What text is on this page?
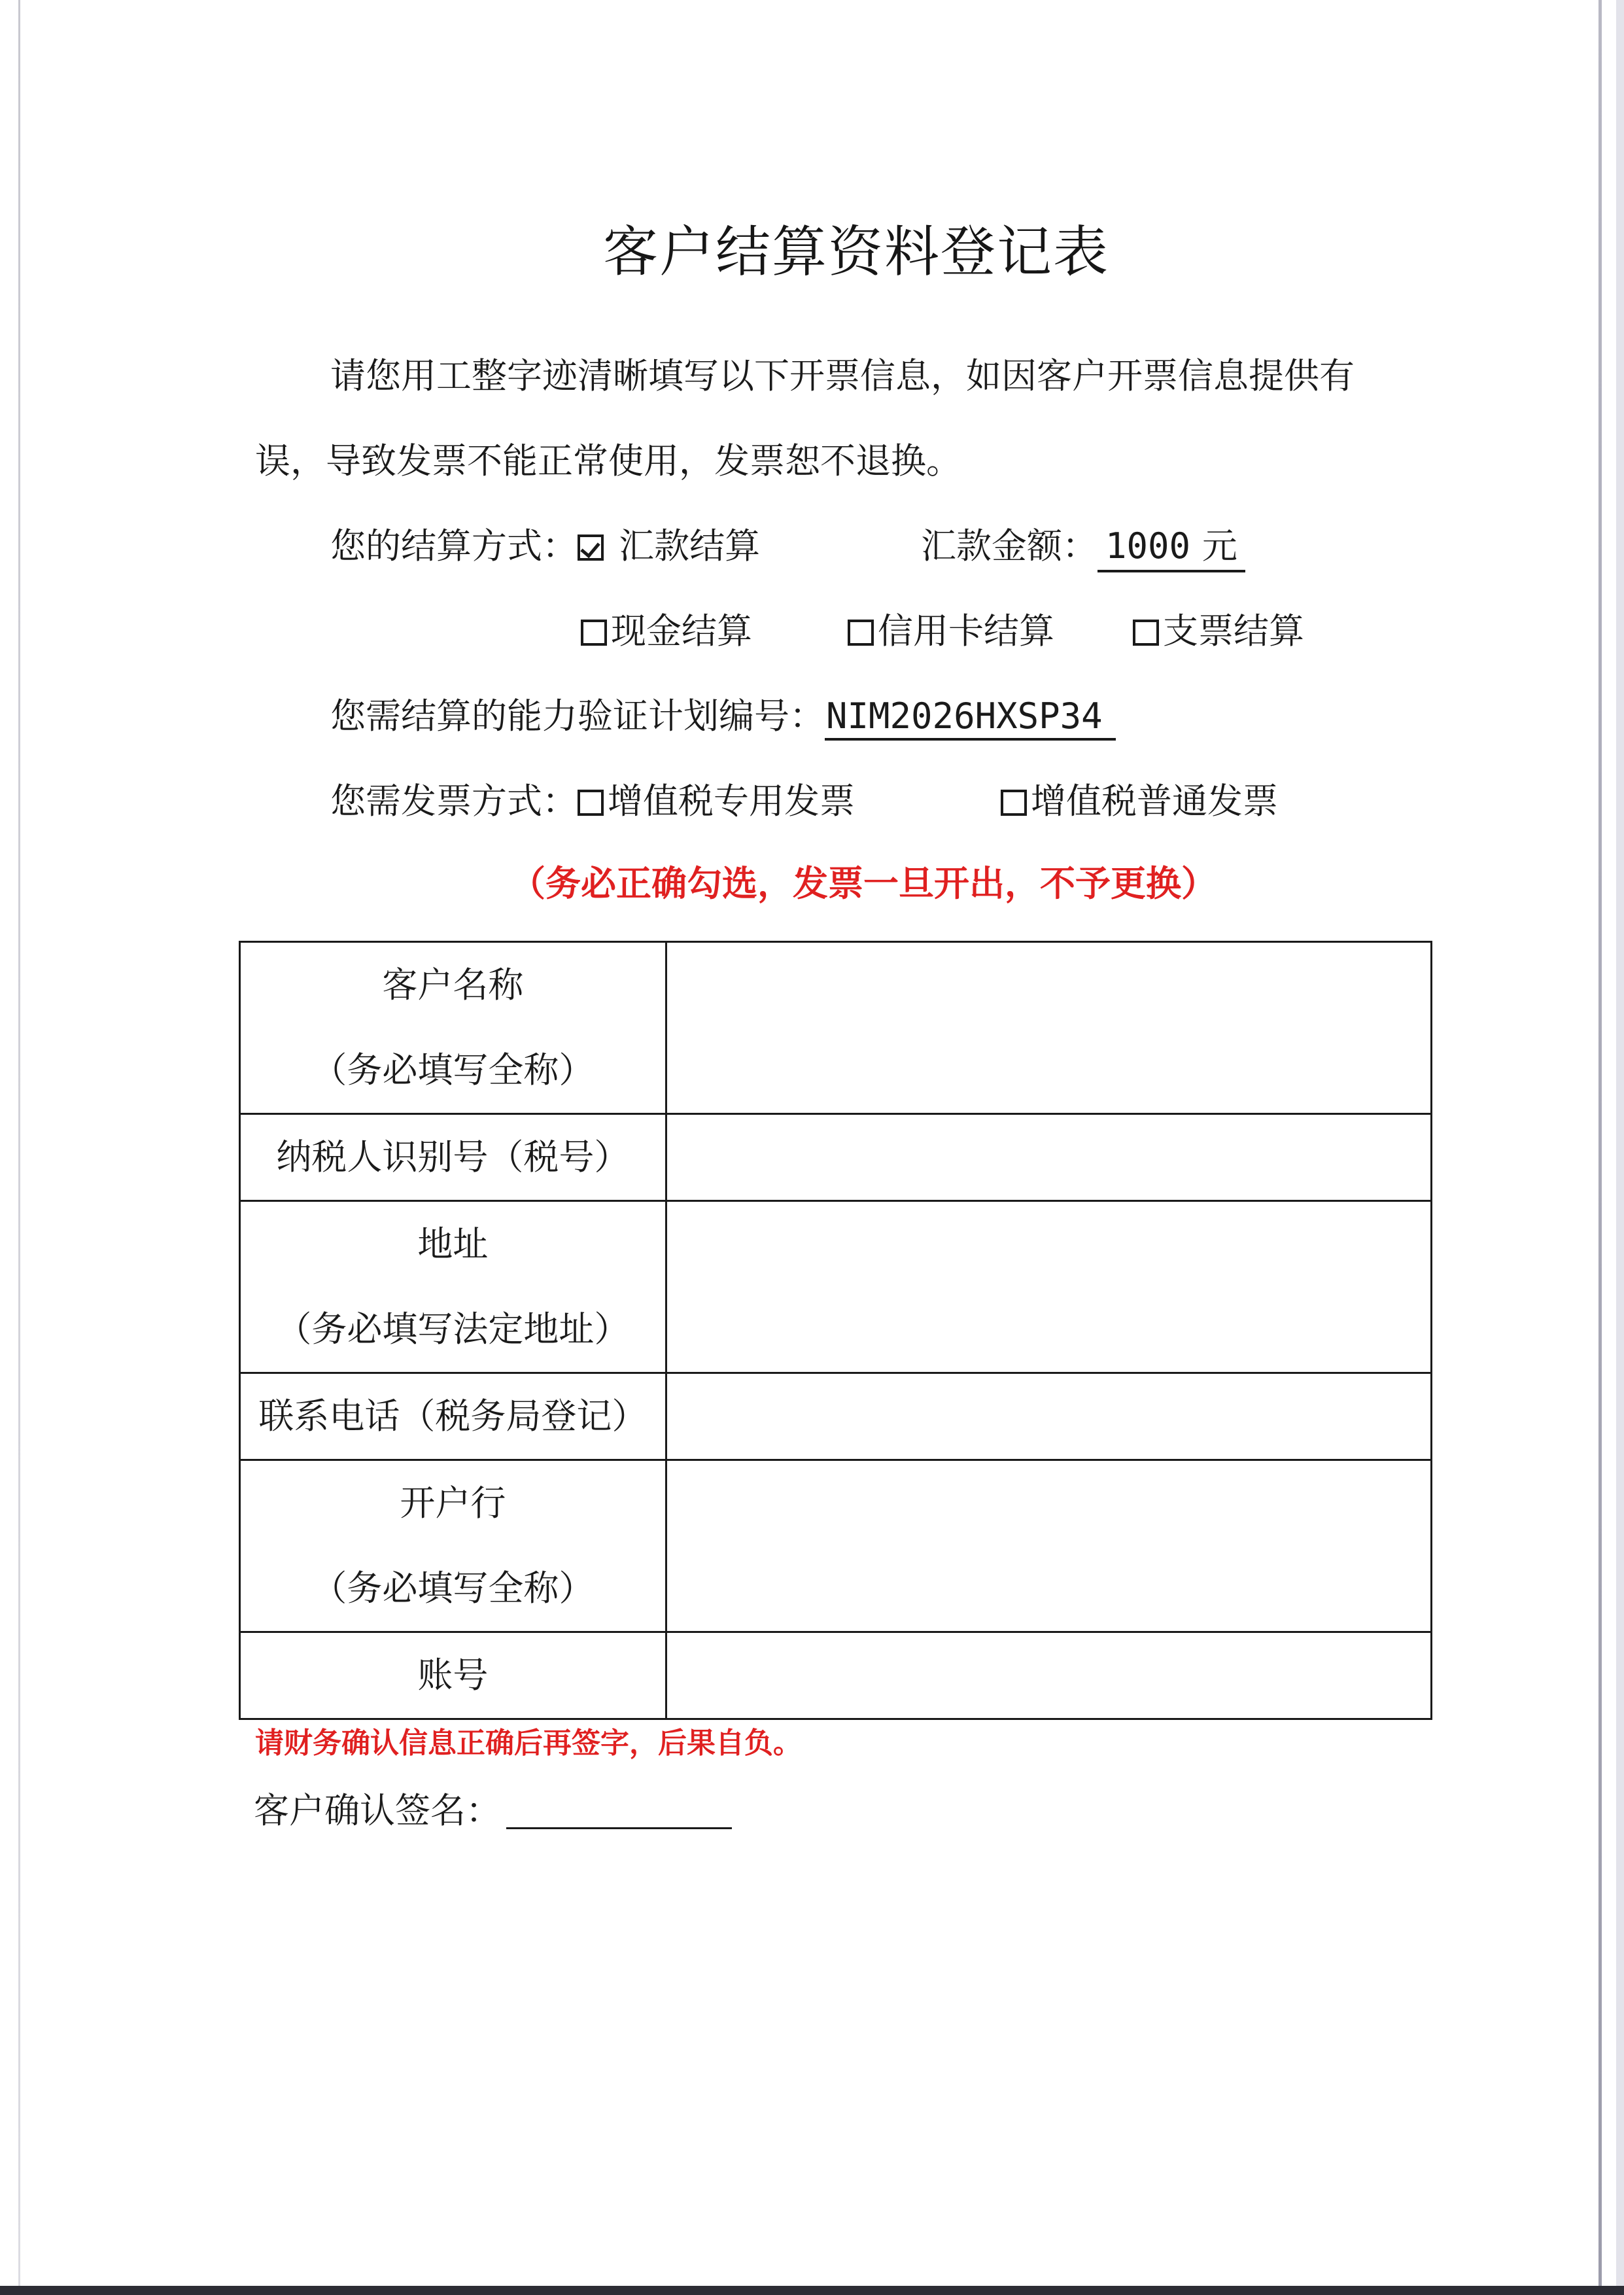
客户结算资料登记表
请您用工整字迹清晰填写以下开票信息，如因客户开票信息提供有
误，导致发票不能正常使用，发票恕不退换。
您的结算方式： 汇款结算	汇款金额： 1000  元
现金结算	信用卡结算	支票结算
您需结算的能力验证计划编号：NIM2026HXSP34
您需发票方式： 增值税专用发票	增值税普通发票
（务必正确勾选，发票一旦开出，不予更换）
客户名称
（务必填写全称）	

纳税人识别号（税号）	

地址
（务必填写法定地址）	

联系电话（税务局登记）	

开户行
（务必填写全称）	

账号	

请财务确认信息正确后再签字，后果自负。
客户确认签名：
